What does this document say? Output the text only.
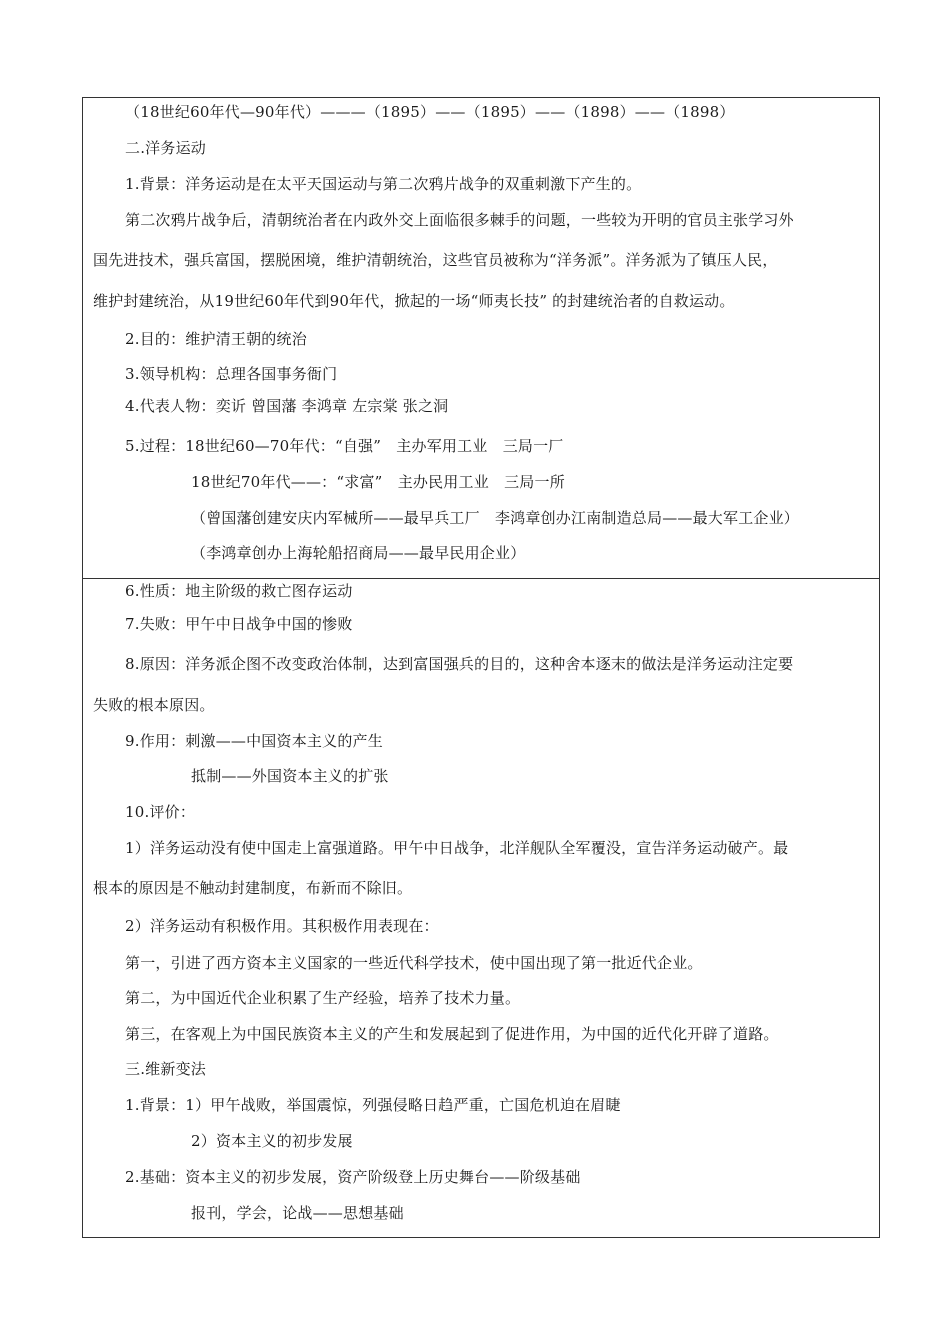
（18世纪60年代—90年代）———（1895）——（1895）——（1898）——（1898）
二.洋务运动
1.背景：洋务运动是在太平天国运动与第二次鸦片战争的双重刺激下产生的。
第二次鸦片战争后，清朝统治者在内政外交上面临很多棘手的问题，一些较为开明的官员主张学习外
国先进技术，强兵富国，摆脱困境，维护清朝统治，这些官员被称为“洋务派”。洋务派为了镇压人民，
维护封建统治，从19世纪60年代到90年代，掀起的一场“师夷长技” 的封建统治者的自救运动。
2.目的：维护清王朝的统治
3.领导机构：总理各国事务衙门
4.代表人物：奕䜣 曾国藩 李鸿章 左宗棠 张之洞
5.过程：18世纪60—70年代：“自强”　主办军用工业　三局一厂
18世纪70年代——：“求富”　主办民用工业　三局一所
（曾国藩创建安庆内军械所——最早兵工厂　李鸿章创办江南制造总局——最大军工企业）
（李鸿章创办上海轮船招商局——最早民用企业）
6.性质：地主阶级的救亡图存运动
7.失败：甲午中日战争中国的惨败
8.原因：洋务派企图不改变政治体制，达到富国强兵的目的，这种舍本逐末的做法是洋务运动注定要
失败的根本原因。
9.作用：刺激——中国资本主义的产生
抵制——外国资本主义的扩张
10.评价：
1）洋务运动没有使中国走上富强道路。甲午中日战争，北洋舰队全军覆没，宣告洋务运动破产。最
根本的原因是不触动封建制度，布新而不除旧。
2）洋务运动有积极作用。其积极作用表现在：
第一，引进了西方资本主义国家的一些近代科学技术，使中国出现了第一批近代企业。
第二，为中国近代企业积累了生产经验，培养了技术力量。
第三，在客观上为中国民族资本主义的产生和发展起到了促进作用，为中国的近代化开辟了道路。
三.维新变法
1.背景：1）甲午战败，举国震惊，列强侵略日趋严重，亡国危机迫在眉睫
2）资本主义的初步发展
2.基础：资本主义的初步发展，资产阶级登上历史舞台——阶级基础
报刊，学会，论战——思想基础
